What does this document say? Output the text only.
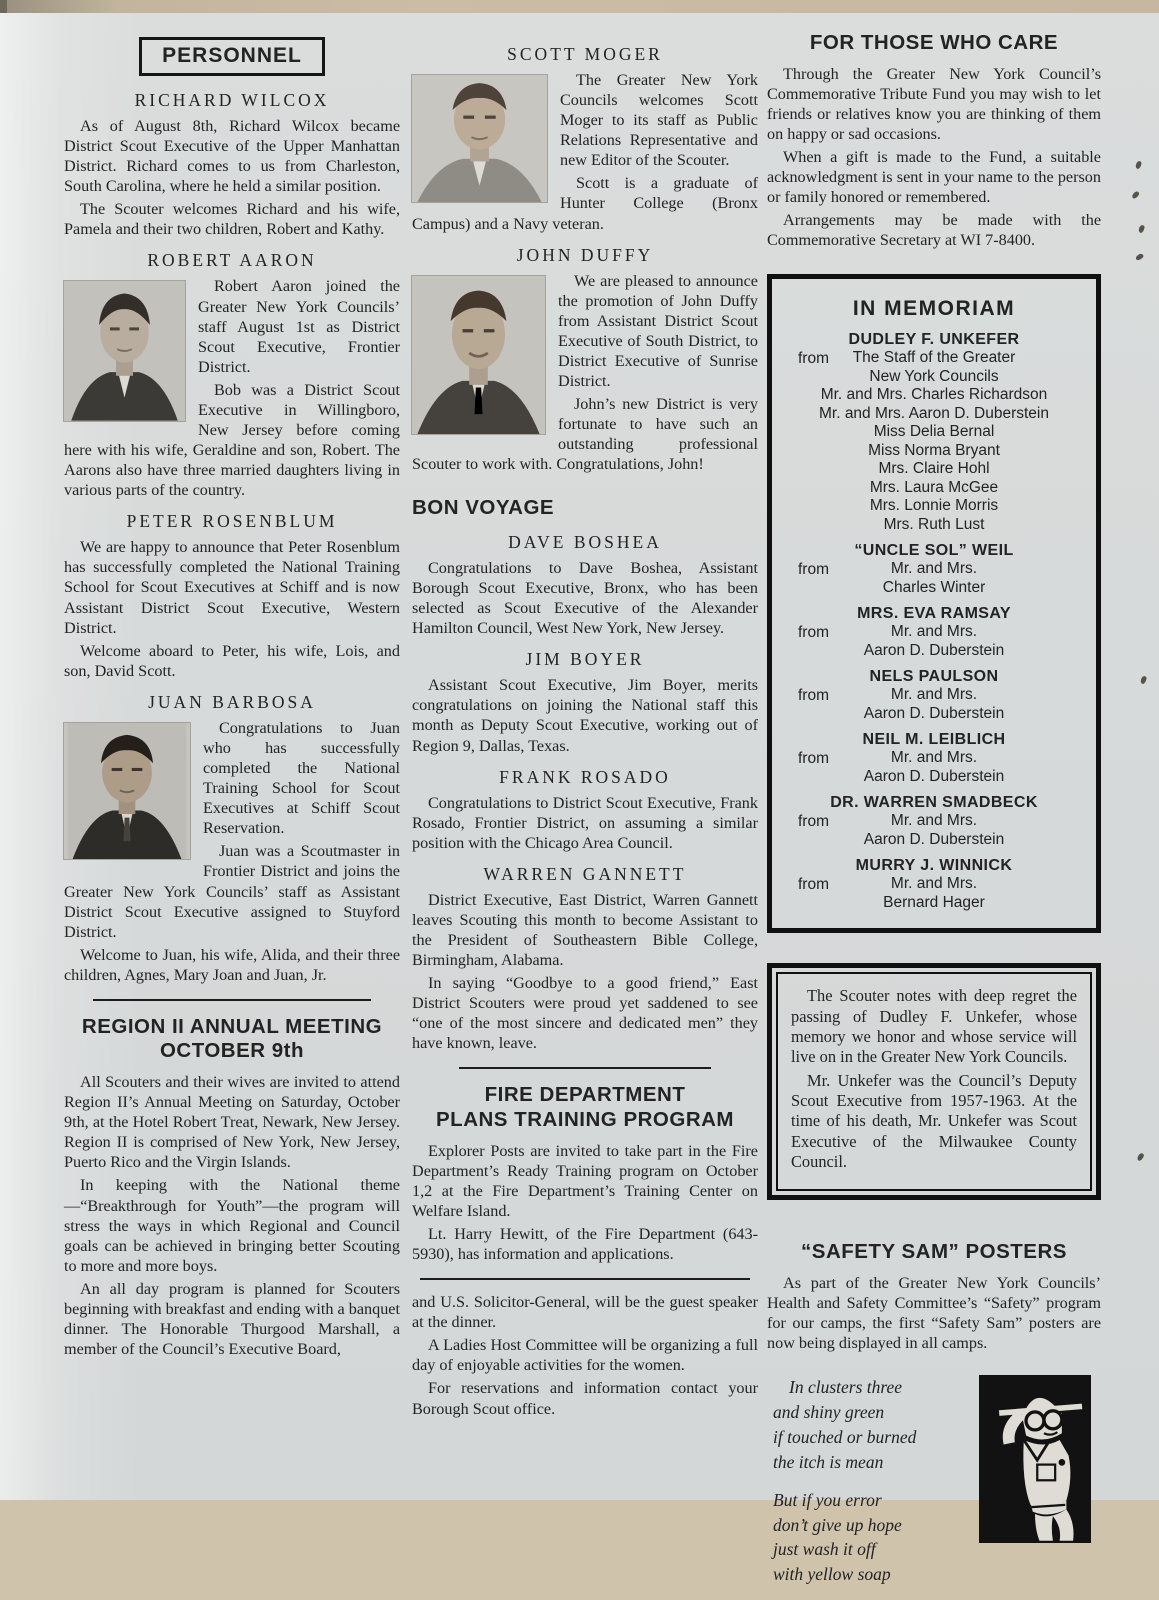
PERSONNEL
RICHARD WILCOX

As of August 8th, Richard Wilcox became District Scout Executive of the Upper Manhattan District. Richard comes to us from Charleston, South Carolina, where he held a similar position.

The Scouter welcomes Richard and his wife, Pamela and their two children, Robert and Kathy.

ROBERT AARON

Robert Aaron joined the Greater New York Councils’ staff August 1st as District Scout Executive, Frontier District.

Bob was a District Scout Executive in Willingboro, New Jersey before coming here with his wife, Geraldine and son, Robert. The Aarons also have three married daughters living in various parts of the country.

PETER ROSENBLUM

We are happy to announce that Peter Rosenblum has successfully completed the National Training School for Scout Executives at Schiff and is now Assistant District Scout Executive, Western District.

Welcome aboard to Peter, his wife, Lois, and son, David Scott.

JUAN BARBOSA

Congratulations to Juan who has successfully completed the National Training School for Scout Executives at Schiff Scout Reservation.

Juan was a Scoutmaster in Frontier District and joins the Greater New York Councils’ staff as Assistant District Scout Executive assigned to Stuyford District.

Welcome to Juan, his wife, Alida, and their three children, Agnes, Mary Joan and Juan, Jr.

REGION II ANNUAL MEETING
OCTOBER 9th

All Scouters and their wives are invited to attend Region II’s Annual Meeting on Saturday, October 9th, at the Hotel Robert Treat, Newark, New Jersey. Region II is comprised of New York, New Jersey, Puerto Rico and the Virgin Islands.

In keeping with the National theme—“Breakthrough for Youth”—the program will stress the ways in which Regional and Council goals can be achieved in bringing better Scouting to more and more boys.

An all day program is planned for Scouters beginning with breakfast and ending with a banquet dinner. The Honorable Thurgood Marshall, a member of the Council’s Executive Board,

SCOTT MOGER

The Greater New York Councils welcomes Scott Moger to its staff as Public Relations Representative and new Editor of the Scouter.

Scott is a graduate of Hunter College (Bronx Campus) and a Navy veteran.

JOHN DUFFY

We are pleased to announce the promotion of John Duffy from Assistant District Scout Executive of South District, to District Executive of Sunrise District.

John’s new District is very fortunate to have such an outstanding professional Scouter to work with. Congratulations, John!

BON VOYAGE
DAVE BOSHEA

Congratulations to Dave Boshea, Assistant Borough Scout Executive, Bronx, who has been selected as Scout Executive of the Alexander Hamilton Council, West New York, New Jersey.

JIM BOYER

Assistant Scout Executive, Jim Boyer, merits congratulations on joining the National staff this month as Deputy Scout Executive, working out of Region 9, Dallas, Texas.

FRANK ROSADO

Congratulations to District Scout Executive, Frank Rosado, Frontier District, on assuming a similar position with the Chicago Area Council.

WARREN GANNETT

District Executive, East District, Warren Gannett leaves Scouting this month to become Assistant to the President of Southeastern Bible College, Birmingham, Alabama.

In saying “Goodbye to a good friend,” East District Scouters were proud yet saddened to see “one of the most sincere and dedicated men” they have known, leave.

FIRE DEPARTMENT
PLANS TRAINING PROGRAM

Explorer Posts are invited to take part in the Fire Department’s Ready Training program on October 1,2 at the Fire Department’s Training Center on Welfare Island.

Lt. Harry Hewitt, of the Fire Department (643-5930), has information and applications.

and U.S. Solicitor-General, will be the guest speaker at the dinner.

A Ladies Host Committee will be organizing a full day of enjoyable activities for the women.

For reservations and information contact your Borough Scout office.

FOR THOSE WHO CARE

Through the Greater New York Council’s Commemorative Tribute Fund you may wish to let friends or relatives know you are thinking of them on happy or sad occasions.

When a gift is made to the Fund, a suitable acknowledgment is sent in your name to the person or family honored or remembered.

Arrangements may be made with the Commemorative Secretary at WI 7-8400.

IN MEMORIAM
DUDLEY F. UNKEFER
from	The Staff of the Greater
New York Councils
Mr. and Mrs. Charles Richardson
Mr. and Mrs. Aaron D. Duberstein
Miss Delia Bernal
Miss Norma Bryant
Mrs. Claire Hohl
Mrs. Laura McGee
Mrs. Lonnie Morris
Mrs. Ruth Lust
“UNCLE SOL” WEIL
from	Mr. and Mrs.
Charles Winter
MRS. EVA RAMSAY
from	Mr. and Mrs.
Aaron D. Duberstein
NELS PAULSON
from	Mr. and Mrs.
Aaron D. Duberstein
NEIL M. LEIBLICH
from	Mr. and Mrs.
Aaron D. Duberstein
DR. WARREN SMADBECK
from	Mr. and Mrs.
Aaron D. Duberstein
MURRY J. WINNICK
from	Mr. and Mrs.
Bernard Hager

The Scouter notes with deep regret the passing of Dudley F. Unkefer, whose memory we honor and whose service will live on in the Greater New York Councils.

Mr. Unkefer was the Council’s Deputy Scout Executive from 1957-1963. At the time of his death, Mr. Unkefer was Scout Executive of the Milwaukee County Council.

“SAFETY SAM” POSTERS

As part of the Greater New York Councils’ Health and Safety Committee’s “Safety” program for our camps, the first “Safety Sam” posters are now being displayed in all camps.

In clusters three
and shiny green
if touched or burned
the itch is mean
But if you error
don’t give up hope
just wash it off
with yellow soap
